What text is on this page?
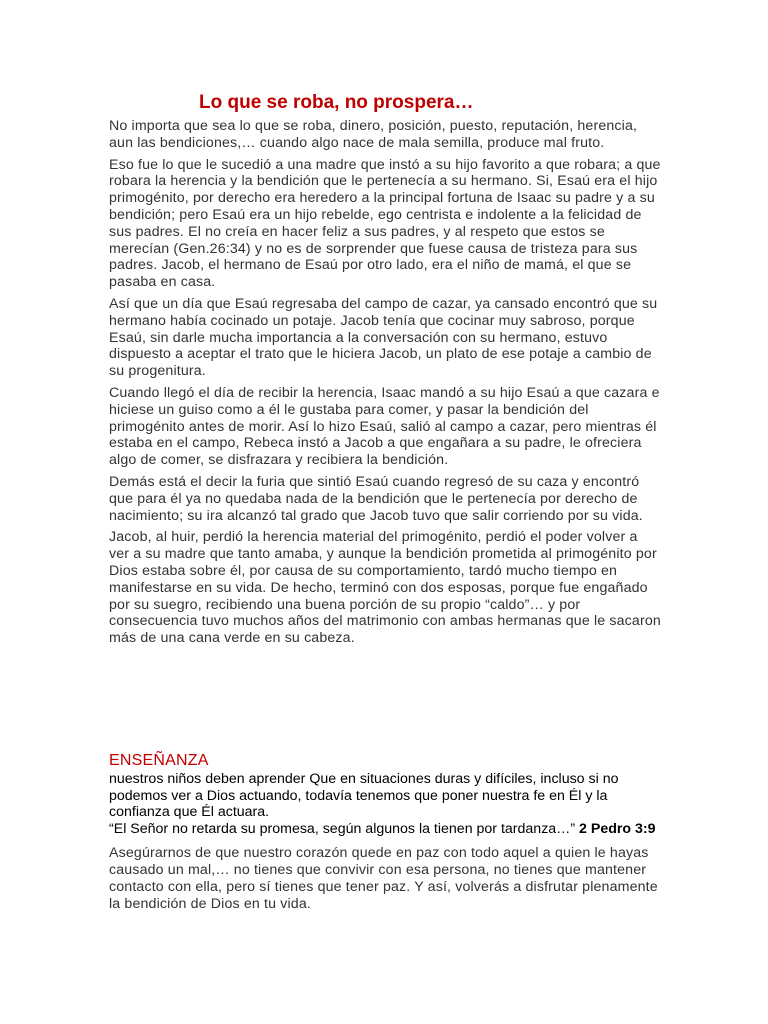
Lo que se roba, no prospera…

No importa que sea lo que se roba, dinero, posición, puesto, reputación, herencia, aun las bendiciones,… cuando algo nace de mala semilla, produce mal fruto.

Eso fue lo que le sucedió a una madre que instó a su hijo favorito a que robara; a que robara la herencia y la bendición que le pertenecía a su hermano. Si, Esaú era el hijo primogénito, por derecho era heredero a la principal fortuna de Isaac su padre y a su bendición; pero Esaú era un hijo rebelde, ego centrista e indolente a la felicidad de sus padres. El no creía en hacer feliz a sus padres, y al respeto que estos se merecían (Gen.26:34) y no es de sorprender que fuese causa de tristeza para sus padres. Jacob, el hermano de Esaú por otro lado, era el niño de mamá, el que se pasaba en casa.

Así que un día que Esaú regresaba del campo de cazar, ya cansado encontró que su hermano había cocinado un potaje. Jacob tenía que cocinar muy sabroso, porque Esaú, sin darle mucha importancia a la conversación con su hermano, estuvo dispuesto a aceptar el trato que le hiciera Jacob, un plato de ese potaje a cambio de su progenitura.

Cuando llegó el día de recibir la herencia, Isaac mandó a su hijo Esaú a que cazara e hiciese un guiso como a él le gustaba para comer, y pasar la bendición del primogénito antes de morir. Así lo hizo Esaú, salió al campo a cazar, pero mientras él estaba en el campo, Rebeca instó a Jacob a que engañara a su padre, le ofreciera algo de comer, se disfrazara y recibiera la bendición.

Demás está el decir la furia que sintió Esaú cuando regresó de su caza y encontró que para él ya no quedaba nada de la bendición que le pertenecía por derecho de nacimiento; su ira alcanzó tal grado que Jacob tuvo que salir corriendo por su vida.

Jacob, al huir, perdió la herencia material del primogénito, perdió el poder volver a ver a su madre que tanto amaba, y aunque la bendición prometida al primogénito por Dios estaba sobre él, por causa de su comportamiento, tardó mucho tiempo en manifestarse en su vida. De hecho, terminó con dos esposas, porque fue engañado por su suegro, recibiendo una buena porción de su propio “caldo”… y por consecuencia tuvo muchos años del matrimonio con ambas hermanas que le sacaron más de una cana verde en su cabeza.

ENSEÑANZA

nuestros niños deben aprender Que en situaciones duras y difíciles, incluso si no podemos ver a Dios actuando, todavía tenemos que poner nuestra fe en Él y la confianza que Él actuara.

“El Señor no retarda su promesa, según algunos la tienen por tardanza…” 2 Pedro 3:9

Asegúrarnos de que nuestro corazón quede en paz con todo aquel a quien le hayas causado un mal,… no tienes que convivir con esa persona, no tienes que mantener contacto con ella, pero sí tienes que tener paz. Y así, volverás a disfrutar plenamente la bendición de Dios en tu vida.
